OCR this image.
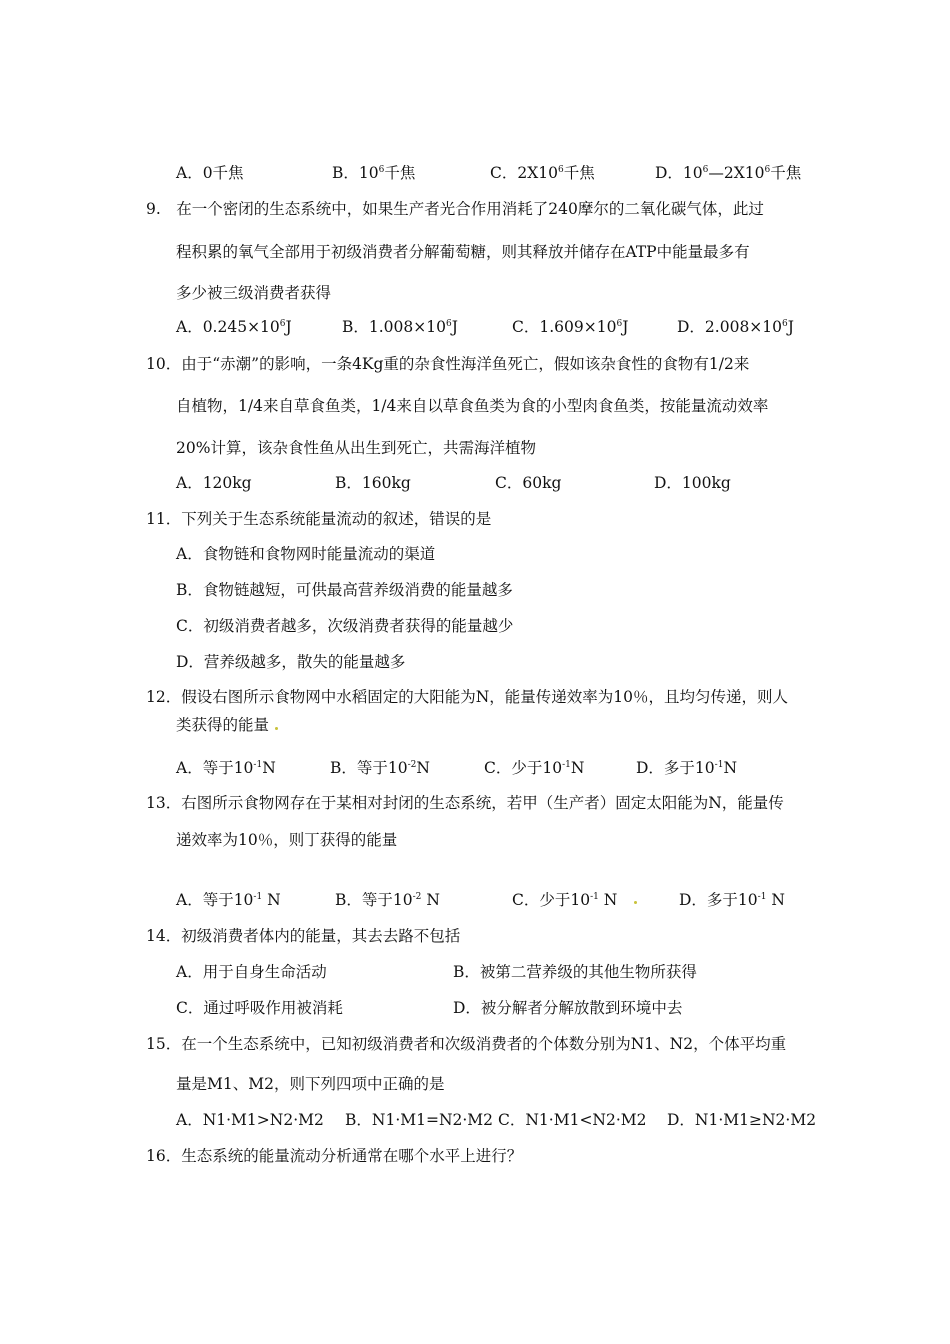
A．0千焦	B．$10^6$千焦	C．$2X10^6$千焦	D．$10^6—2X10^6$千焦
9.　在一个密闭的生态系统中，如果生产者光合作用消耗了240摩尔的二氧化碳气体，此过
程积累的氧气全部用于初级消费者分解葡萄糖，则其释放并储存在ATP中能量最多有
多少被三级消费者获得
A．$0.245\times 10^6J$	B．$1.008\times 10^6J$	C．$1.609\times 10^6J$	D．$2.008\times 10^6J$
10．由于“赤潮”的影响，一条4Kg重的杂食性海洋鱼死亡，假如该杂食性的食物有1/2来
自植物，1/4来自草食鱼类，1/4来自以草食鱼类为食的小型肉食鱼类，按能量流动效率
20%计算，该杂食性鱼从出生到死亡，共需海洋植物
A．120kg	B．160kg	C．60kg	D．100kg
11．下列关于生态系统能量流动的叙述，错误的是
A．食物链和食物网时能量流动的渠道
B．食物链越短，可供最高营养级消费的能量越多
C．初级消费者越多，次级消费者获得的能量越少
D．营养级越多，散失的能量越多
12．假设右图所示食物网中水稻固定的大阳能为N，能量传递效率为10％，且均匀传递，则人
类获得的能量
A．等于$10^{-1}N$	B．等于$10^{-2}N$	C．少于$10^{-1}N$	D．多于$10^{-1}N$
13．右图所示食物网存在于某相对封闭的生态系统，若甲（生产者）固定太阳能为N，能量传
递效率为10％，则丁获得的能量
A．等于$10^{-1}$ N	B．等于$10^{-2}$ N	C．少于$10^{-1}$ N	D．多于$10^{-1}$ N
14．初级消费者体内的能量，其去去路不包括
A．用于自身生命活动	B．被第二营养级的其他生物所获得
C．通过呼吸作用被消耗	D．被分解者分解放散到环境中去
15．在一个生态系统中，已知初级消费者和次级消费者的个体数分别为N1、N2，个体平均重
量是M1、M2，则下列四项中正确的是
A．N1·M1>N2·M2 B．N1·M1=N2·M2 C．N1·M1<N2·M2 D．N1·M1≥N2·M2
16．生态系统的能量流动分析通常在哪个水平上进行？
